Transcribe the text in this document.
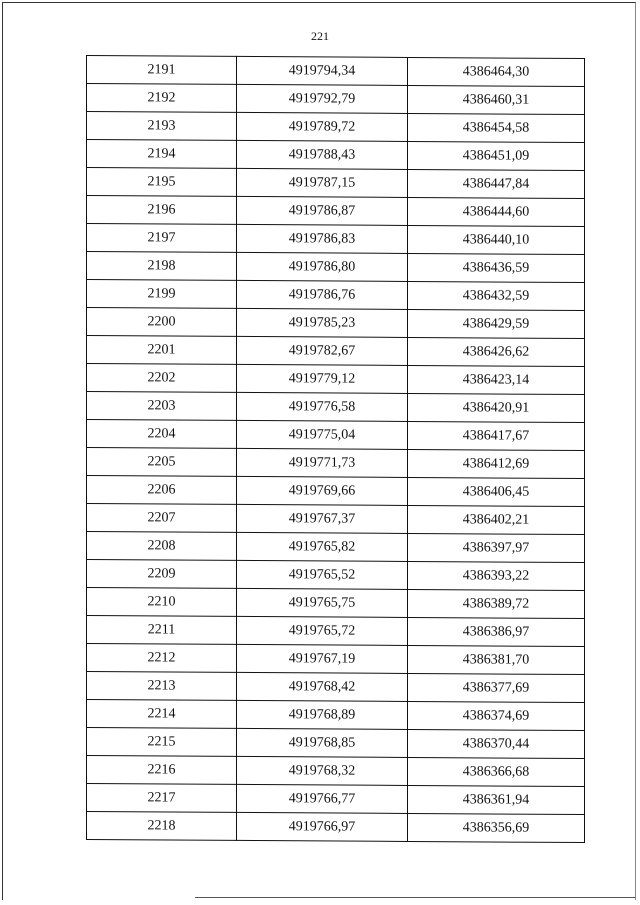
221
2191	4919794,34	4386464,30
2192	4919792,79	4386460,31
2193	4919789,72	4386454,58
2194	4919788,43	4386451,09
2195	4919787,15	4386447,84
2196	4919786,87	4386444,60
2197	4919786,83	4386440,10
2198	4919786,80	4386436,59
2199	4919786,76	4386432,59
2200	4919785,23	4386429,59
2201	4919782,67	4386426,62
2202	4919779,12	4386423,14
2203	4919776,58	4386420,91
2204	4919775,04	4386417,67
2205	4919771,73	4386412,69
2206	4919769,66	4386406,45
2207	4919767,37	4386402,21
2208	4919765,82	4386397,97
2209	4919765,52	4386393,22
2210	4919765,75	4386389,72
2211	4919765,72	4386386,97
2212	4919767,19	4386381,70
2213	4919768,42	4386377,69
2214	4919768,89	4386374,69
2215	4919768,85	4386370,44
2216	4919768,32	4386366,68
2217	4919766,77	4386361,94
2218	4919766,97	4386356,69
